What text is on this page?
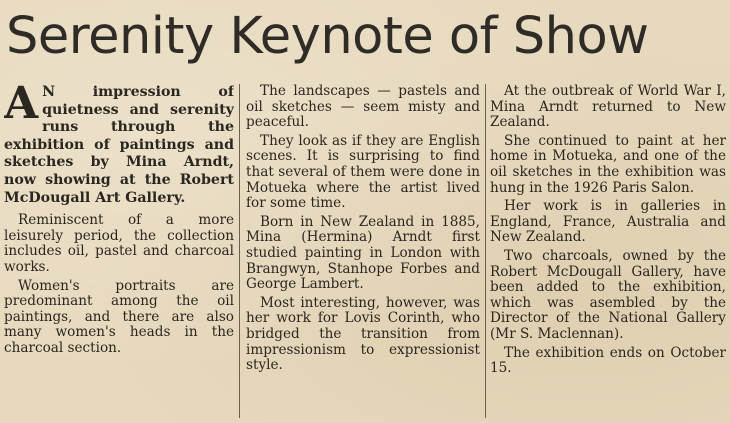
Serenity Keynote of Show
A N impression of quietness and serenity runs through the exhibition of paintings and sketches by Mina Arndt, now showing at the Robert McDougall Art Gallery.

Reminiscent of a more leisurely period, the collection includes oil, pastel and charcoal works.

Women's portraits are predominant among the oil paintings, and there are also many women's heads in the charcoal section.

The landscapes — pastels and oil sketches — seem misty and peaceful.

They look as if they are English scenes. It is surprising to find that several of them were done in Motueka where the artist lived for some time.

Born in New Zealand in 1885, Mina (Hermina) Arndt first studied painting in London with Brangwyn, Stanhope Forbes and George Lambert.

Most interesting, however, was her work for Lovis Corinth, who bridged the transition from impressionism to expressionist style.

At the outbreak of World War I, Mina Arndt returned to New Zealand.

She continued to paint at her home in Motueka, and one of the oil sketches in the exhibition was hung in the 1926 Paris Salon.

Her work is in galleries in England, France, Australia and New Zealand.

Two charcoals, owned by the Robert McDougall Gallery, have been added to the exhibition, which was asembled by the Director of the National Gallery (Mr S. Maclennan).

The exhibition ends on October 15.
